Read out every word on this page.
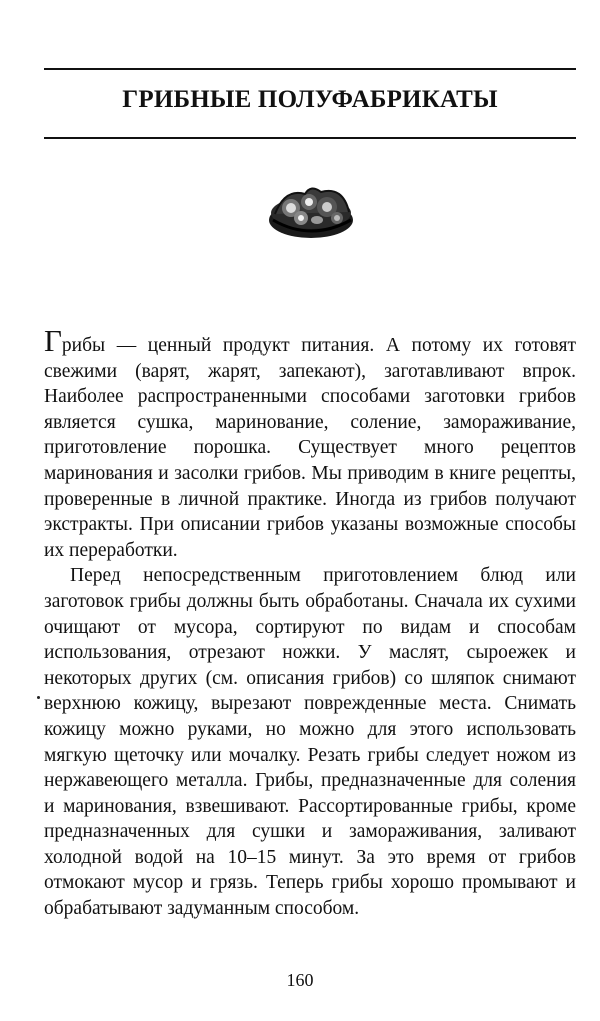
ГРИБНЫЕ ПОЛУФАБРИКАТЫ

Грибы — ценный продукт питания. А потому их готовят свежими (варят, жарят, запекают), заготавливают впрок. Наиболее распространенными способами заготовки грибов является сушка, маринование, соление, замораживание, приготовление порошка. Существует много рецептов маринования и засолки грибов. Мы приводим в книге рецепты, проверенные в личной практике. Иногда из грибов получают экстракты. При описании грибов указаны возможные способы их переработки.

Перед непосредственным приготовлением блюд или заготовок грибы должны быть обработаны. Сначала их сухими очищают от мусора, сортируют по видам и способам использования, отрезают ножки. У маслят, сыроежек и некоторых других (см. описания грибов) со шляпок снимают верхнюю кожицу, вырезают поврежденные места. Снимать кожицу можно руками, но можно для этого использовать мягкую щеточку или мочалку. Резать грибы следует ножом из нержавеющего металла. Грибы, предназначенные для соления и маринования, взвешивают. Рассортированные грибы, кроме предназначенных для сушки и замораживания, заливают холодной водой на 10–15 минут. За это время от грибов отмокают мусор и грязь. Теперь грибы хорошо промывают и обрабатывают задуманным способом.

160
